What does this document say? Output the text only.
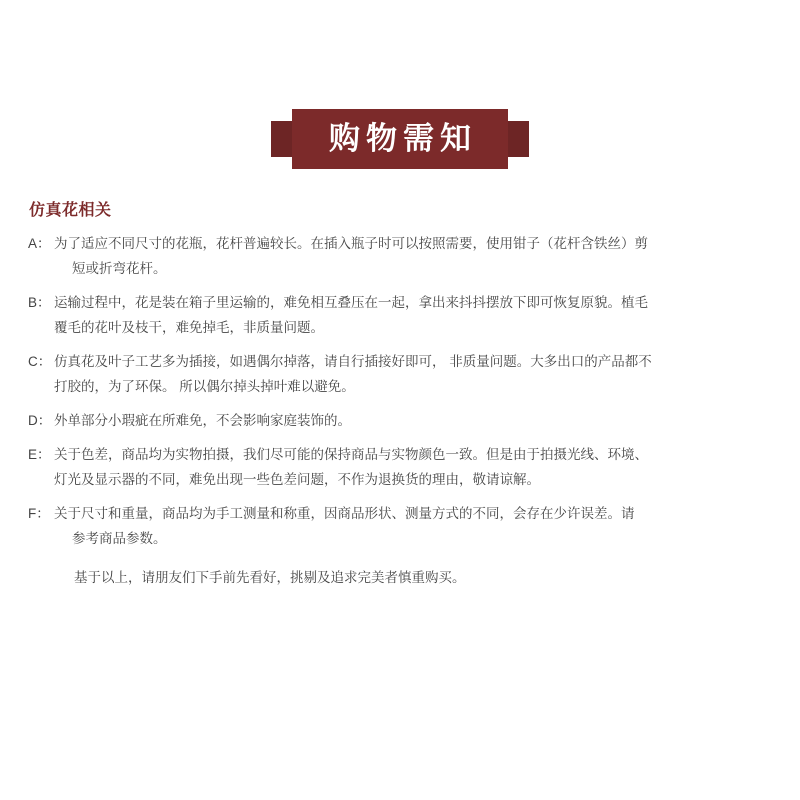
购物需知
仿真花相关
A： 为了适应不同尺寸的花瓶，花杆普遍较长。在插入瓶子时可以按照需要，使用钳子（花杆含铁丝）剪
短或折弯花杆。
B： 运输过程中，花是装在箱子里运输的，难免相互叠压在一起，拿出来抖抖摆放下即可恢复原貌。植毛
覆毛的花叶及枝干，难免掉毛，非质量问题。
C： 仿真花及叶子工艺多为插接，如遇偶尔掉落，请自行插接好即可， 非质量问题。大多出口的产品都不
打胶的，为了环保。 所以偶尔掉头掉叶难以避免。
D： 外单部分小瑕疵在所难免，不会影响家庭装饰的。
E： 关于色差，商品均为实物拍摄，我们尽可能的保持商品与实物颜色一致。但是由于拍摄光线、环境、
灯光及显示器的不同，难免出现一些色差问题，不作为退换货的理由，敬请谅解。
F： 关于尺寸和重量，商品均为手工测量和称重，因商品形状、测量方式的不同，会存在少许误差。请
参考商品参数。
基于以上，请朋友们下手前先看好，挑剔及追求完美者慎重购买。
